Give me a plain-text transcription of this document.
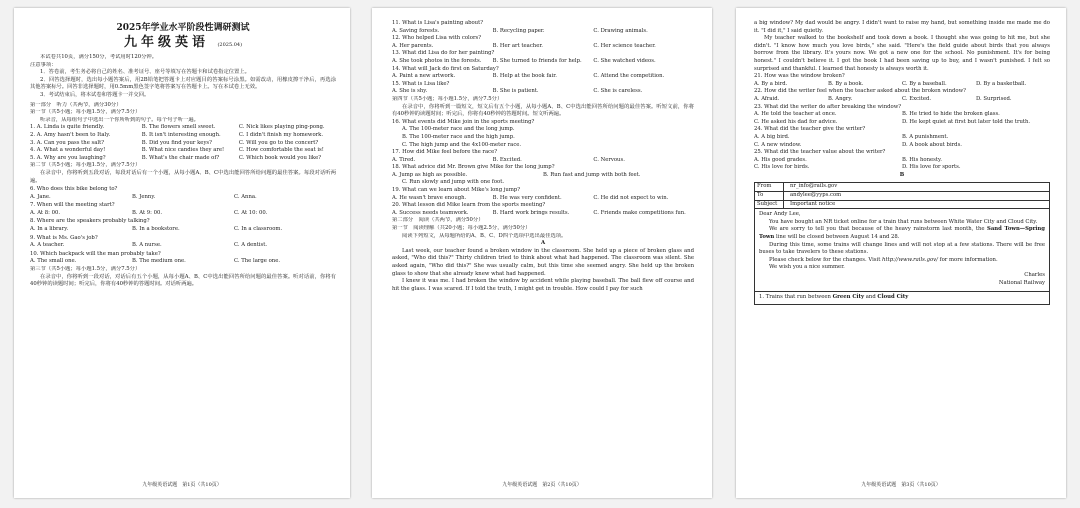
2025年学业水平阶段性调研测试
九年级英语 (2025.04)
本试卷共10页，满分150分，考试用时120分钟。
注意事项：
1．答卷前，考生务必将自己的姓名、准考证号、座号等填写在答题卡和试卷指定位置上。
2．回答选择题时，选出每小题答案后，用2B铅笔把答题卡上对应题目的答案标号涂黑。如需改动，用橡皮擦干净后，再选涂其他答案标号。回答非选择题时，用0.5mm黑色签字笔将答案写在答题卡上。写在本试卷上无效。
3．考试结束后，将本试卷和答题卡一并交回。
第一部分　听力（共两节，满分30分）
第一节（共5小题；每小题1.5分，满分7.5分）
听录音，从每组句子中选出一个你所听到的句子。每个句子听一遍。
1. A. Linda is quite friendly.	B. The flowers smell sweet.	C. Nick likes playing ping-pong.
2. A. Amy hasn't been to Italy.	B. It isn't interesting enough.	C. I didn't finish my homework.
3. A. Can you pass the salt?	B. Did you find your keys?	C. Will you go to the concert?
4. A. What a wonderful day!	B. What nice candies they are!	C. How comfortable the seat is!
5. A. Why are you laughing?	B. What's the chair made of?	C. Which book would you like?
第二节（共5小题；每小题1.5分，满分7.5分）
在录音中，你将听到五段对话，每段对话后有一个小题，从每小题A、B、C中选出能回答所给问题的最佳答案。每段对话听两遍。
6. Who does this bike belong to?
A. Jane.	B. Jenny.	C. Anna.
7. When will the meeting start?
A. At 8: 00.	B. At 9: 00.	C. At 10: 00.
8. Where are the speakers probably talking?
A. In a library.	B. In a bookstore.	C. In a classroom.
9. What is Ms. Gao's job?
A. A teacher.	B. A nurse.	C. A dentist.
10. Which backpack will the man probably take?
A. The small one.	B. The medium one.	C. The large one.
第三节（共5小题；每小题1.5分，满分7.5分）
在录音中，你将听到一段对话，对话后有五个小题，从每小题A、B、C中选出能回答所给问题的最佳答案。听对话前，你将有40秒钟的读题时间；听完后，你将有40秒钟的答题时间。对话听两遍。
九年级英语试题　第1页（共10页）
11. What is Lisa's painting about?
A. Saving forests.	B. Recycling paper.	C. Drawing animals.
12. Who helped Lisa with colors?
A. Her parents.	B. Her art teacher.	C. Her science teacher.
13. What did Lisa do for her painting?
A. She took photos in the forests.	B. She turned to friends for help.	C. She watched videos.
14. What will Jack do first on Saturday?
A. Paint a new artwork.	B. Help at the book fair.	C. Attend the competition.
15. What is Lisa like?
A. She is shy.	B. She is patient.	C. She is careless.
第四节（共5小题；每小题1.5分，满分7.5分）
在录音中，你将听到一篇短文，短文后有五个小题，从每小题A、B、C中选出能回答所给问题的最佳答案。听短文前，你将有40秒钟的读题时间；听完后，你将有40秒钟的答题时间。短文听两遍。
16. What events did Mike join in the sports meeting?
A. The 100-meter race and the long jump.
B. The 100-meter race and the high jump.
C. The high jump and the 4x100-meter race.
17. How did Mike feel before the race?
A. Tired.	B. Excited.	C. Nervous.
18. What advice did Mr. Brown give Mike for the long jump?
A. Jump as high as possible.	B. Run fast and jump with both feet.
C. Run slowly and jump with one foot.
19. What can we learn about Mike's long jump?
A. He wasn't brave enough.	B. He was very confident.	C. He did not expect to win.
20. What lesson did Mike learn from the sports meeting?
A. Success needs teamwork.	B. Hard work brings results.	C. Friends make competitions fun.
第二部分　阅读（共两节，满分50分）
第一节　阅读理解（共20小题；每小题2.5分，满分50分）
阅读下列短文，从每题所给的A、B、C、D四个选项中选出最佳选项。
A
Last week, our teacher found a broken window in the classroom. She held up a piece of broken glass and asked, "Who did this?" Thirty children tried to think about what had happened. The classroom was silent. She asked again, "Who did this?" She was usually calm, but this time she seemed angry. She held up the broken glass to show that she already knew what had happened.
I knew it was me. I had broken the window by accident while playing baseball. The ball flew off course and hit the glass. I was scared. If I told the truth, I might get in trouble. How could I pay for such
九年级英语试题　第2页（共10页）
a big window? My dad would be angry. I didn't want to raise my hand, but something inside me made me do it. "I did it," I said quietly.
My teacher walked to the bookshelf and took down a book. I thought she was going to hit me, but she didn't. "I know how much you love birds," she said. "Here's the field guide about birds that you always borrow from the library. It's yours now. We got a new one for the school. No punishment. It's for being honest." I couldn't believe it. I got the book I had been saving up to buy, and I wasn't punished. I felt so surprised and thankful. I learned that honesty is always worth it.
21. How was the window broken?
A. By a bird.	B. By a book.	C. By a baseball.	D. By a basketball.
22. How did the writer feel when the teacher asked about the broken window?
A. Afraid.	B. Angry.	C. Excited.	D. Surprised.
23. What did the writer do after breaking the window?
A. He told the teacher at once.	B. He tried to hide the broken glass.
C. He asked his dad for advice.	D. He kept quiet at first but later told the truth.
24. What did the teacher give the writer?
A. A big bird.	B. A punishment.
C. A new window.	D. A book about birds.
25. What did the teacher value about the writer?
A. His good grades.	B. His honesty.
C. His love for birds.	D. His love for sports.
B
From	nr_info@rails.gov
To	andylee@yyps.com
Subject	Important notice
Dear Andy Lee,
You have bought an NR ticket online for a train that runs between White Water City and Cloud City.
We are sorry to tell you that because of the heavy rainstorm last month, the Sand Town—Spring Town line will be closed between August 14 and 28.
During this time, some trains will change lines and will not stop at a few stations. There will be free buses to take travelers to these stations.
Please check below for the changes. Visit http://www.rails.gov/ for more information.
We wish you a nice summer.
Charles
National Railway
1. Trains that run between Green City and Cloud City
九年级英语试题　第3页（共10页）
